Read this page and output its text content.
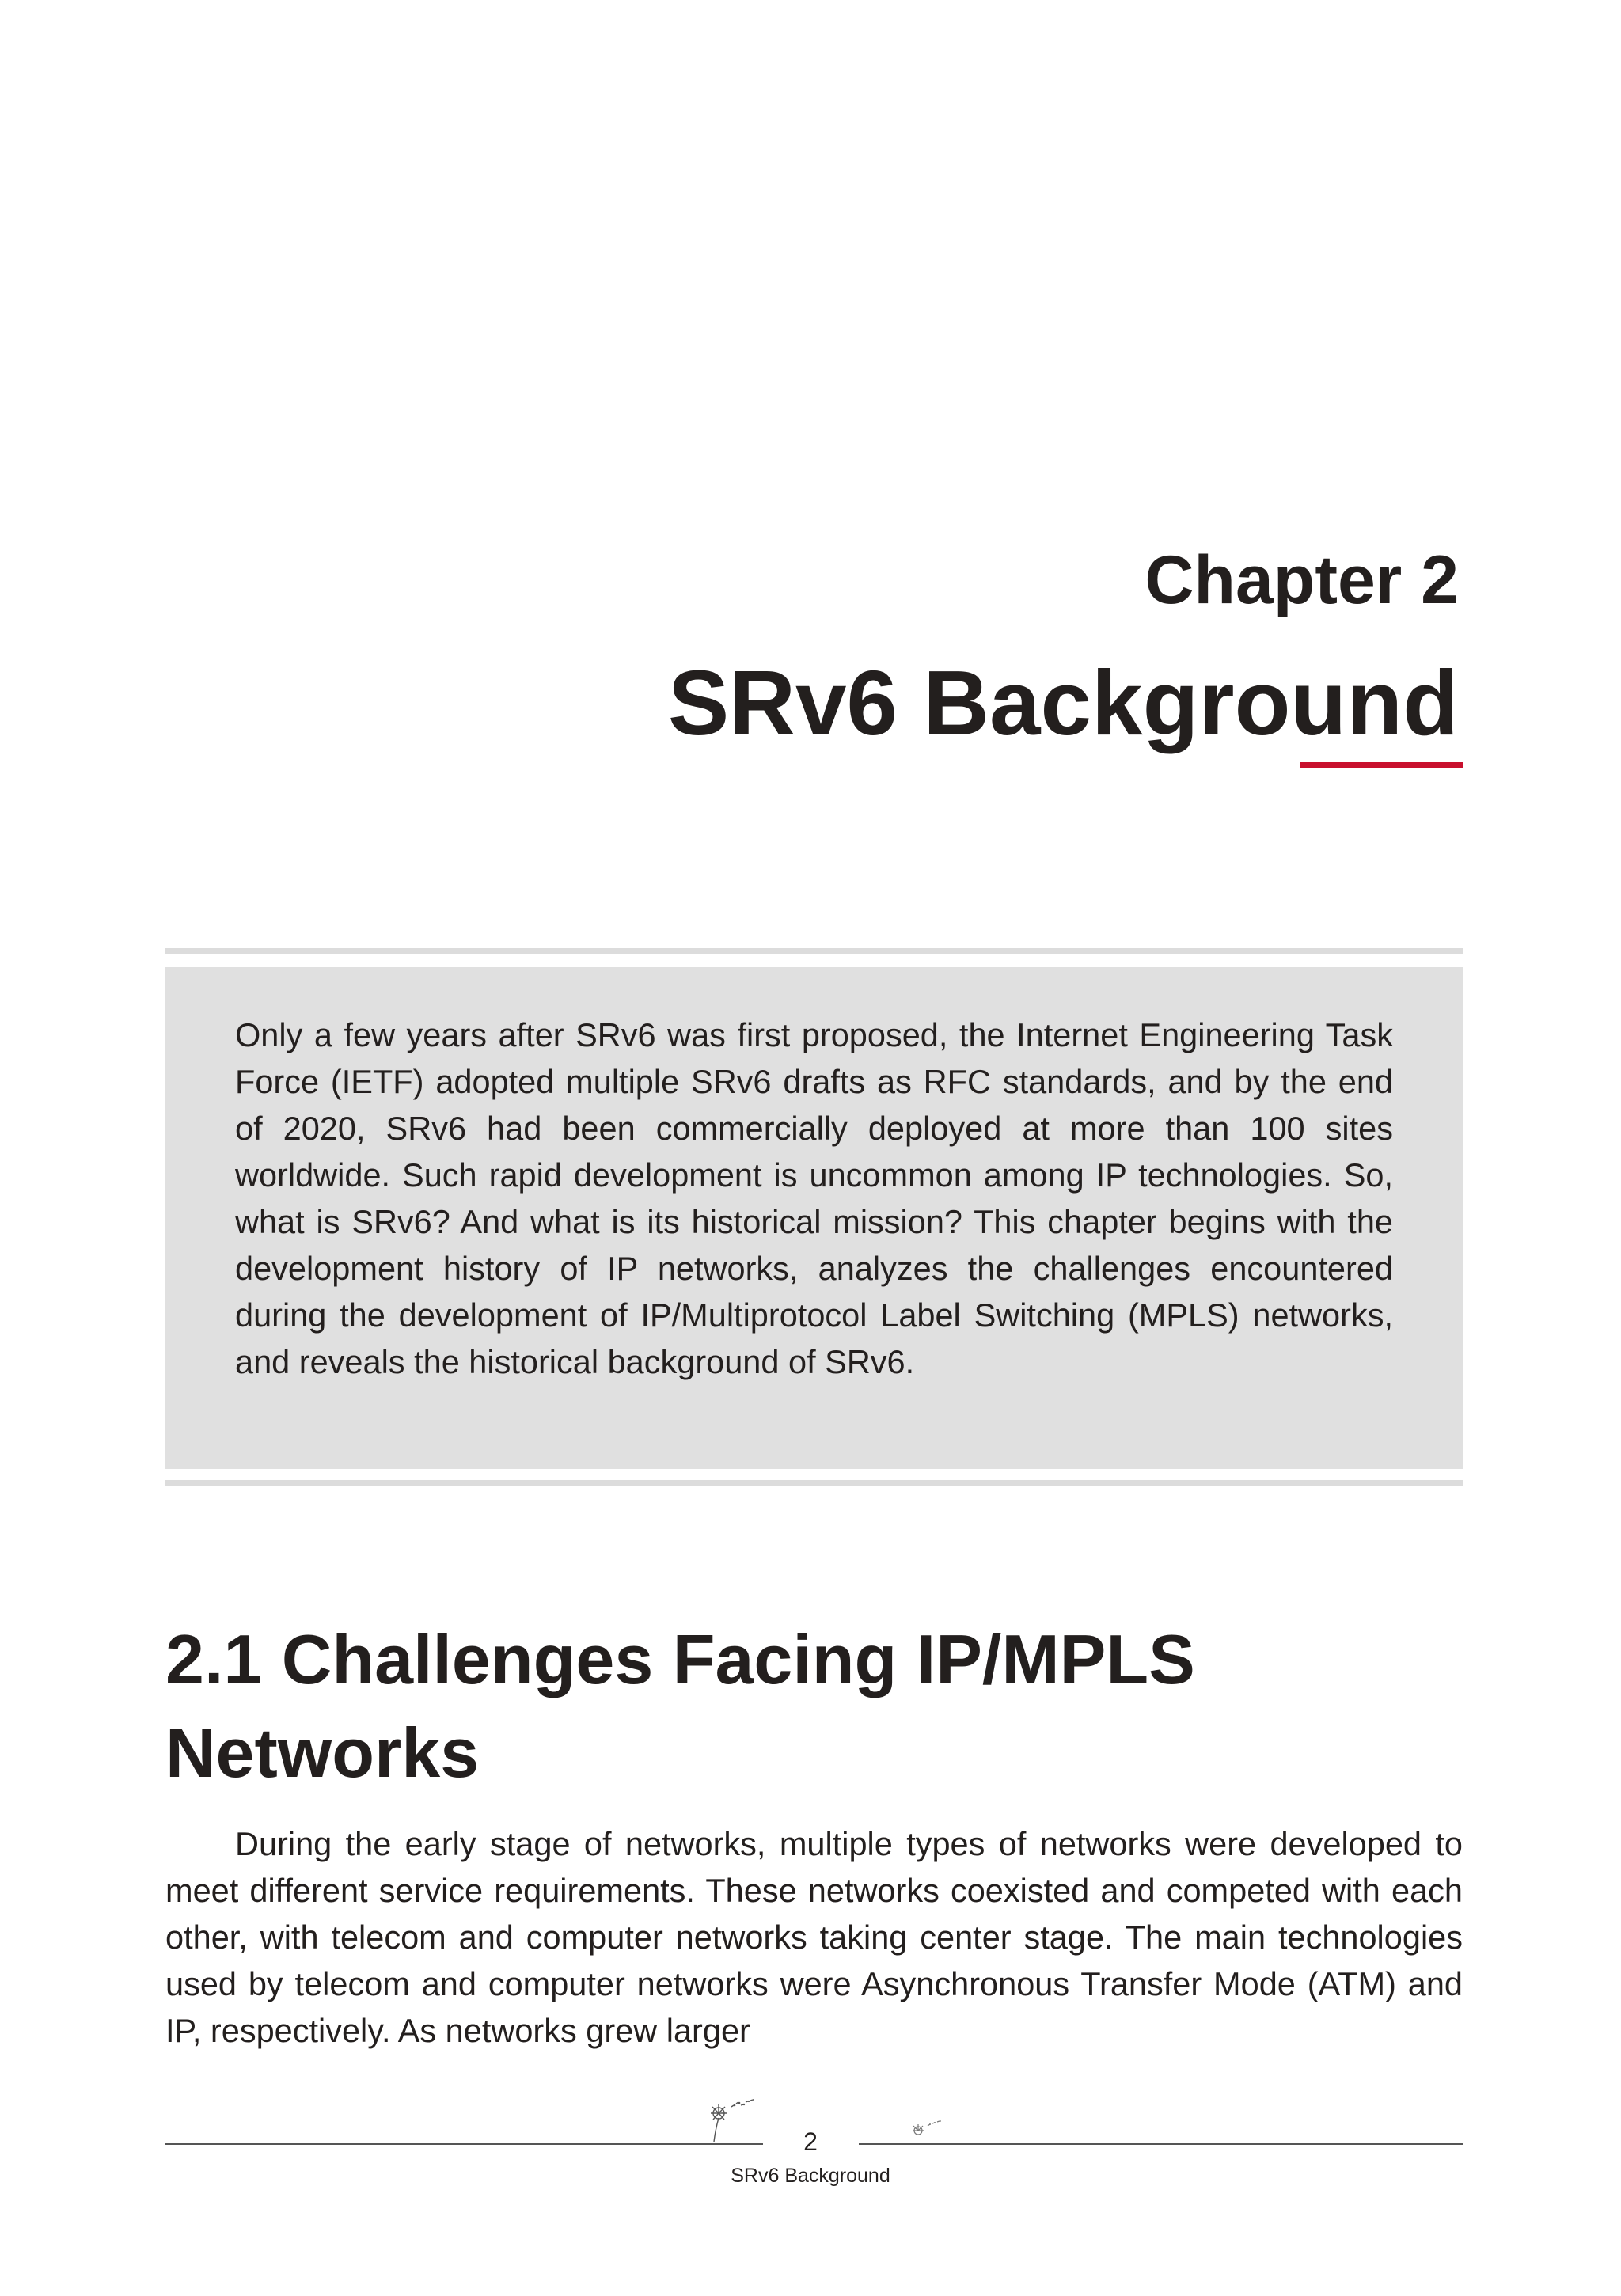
Chapter 2
SRv6 Background

Only a few years after SRv6 was first proposed, the Internet Engineering Task Force (IETF) adopted multiple SRv6 drafts as RFC standards, and by the end of 2020, SRv6 had been commercially deployed at more than 100 sites worldwide. Such rapid development is uncommon among IP technologies. So, what is SRv6? And what is its historical mission? This chapter begins with the development history of IP networks, analyzes the challenges encountered during the development of IP/Multiprotocol Label Switching (MPLS) networks, and reveals the historical background of SRv6.

2.1 Challenges Facing IP/MPLS Networks

During the early stage of networks, multiple types of networks were developed to meet different service requirements. These networks coexisted and competed with each other, with telecom and computer networks taking center stage. The main technologies used by telecom and computer networks were Asynchronous Transfer Mode (ATM) and IP, respectively. As networks grew larger

2
SRv6 Background
